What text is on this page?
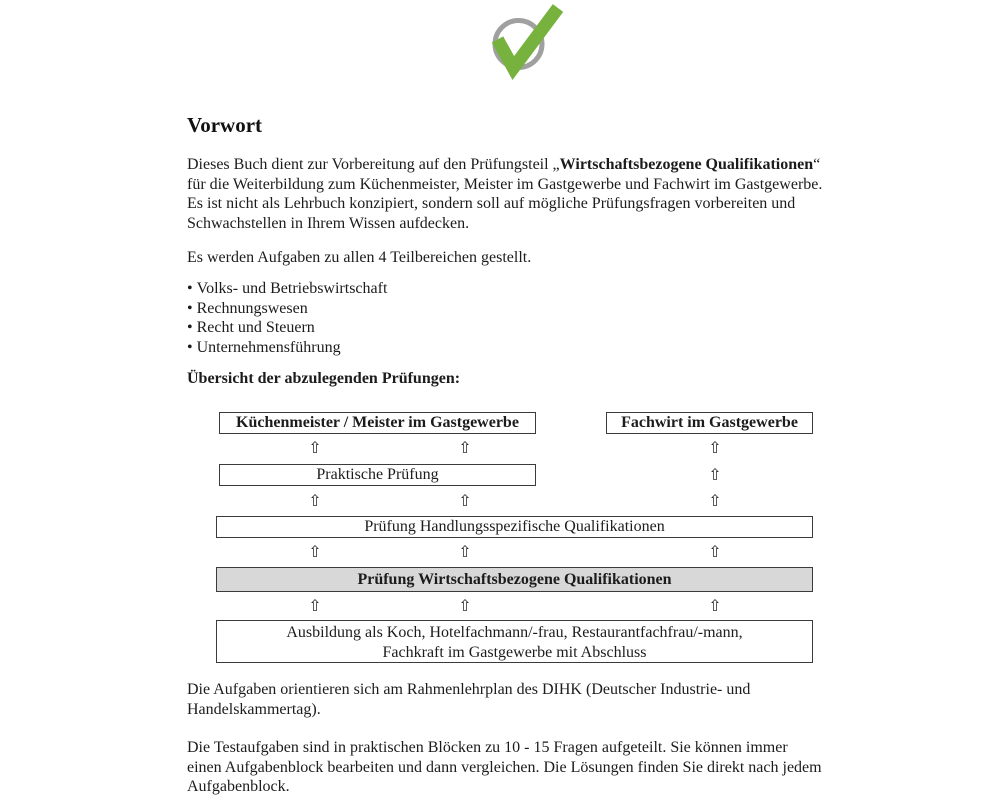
Vorwort

Dieses Buch dient zur Vorbereitung auf den Prüfungsteil „Wirtschaftsbezogene Qualifikationen“ für die Weiterbildung zum Küchenmeister, Meister im Gastgewerbe und Fachwirt im Gastgewerbe. Es ist nicht als Lehrbuch konzipiert, sondern soll auf mögliche Prüfungsfragen vorbereiten und Schwachstellen in Ihrem Wissen aufdecken.

Es werden Aufgaben zu allen 4 Teilbereichen gestellt.

• Volks- und Betriebswirtschaft
• Rechnungswesen
• Recht und Steuern
• Unternehmensführung
Übersicht der abzulegenden Prüfungen:
Küchenmeister / Meister im Gastgewerbe	Fachwirt im Gastgewerbe
⇧	⇧	⇧
Praktische Prüfung	⇧
⇧	⇧	⇧
Prüfung Handlungsspezifische Qualifikationen
⇧	⇧	⇧
Prüfung Wirtschaftsbezogene Qualifikationen
⇧	⇧	⇧
Ausbildung als Koch, Hotelfachmann/-frau, Restaurantfachfrau/-mann,
Fachkraft im Gastgewerbe mit Abschluss

Die Aufgaben orientieren sich am Rahmenlehrplan des DIHK (Deutscher Industrie- und Handelskammertag).

Die Testaufgaben sind in praktischen Blöcken zu 10 - 15 Fragen aufgeteilt. Sie können immer einen Aufgabenblock bearbeiten und dann vergleichen. Die Lösungen finden Sie direkt nach jedem Aufgabenblock.
